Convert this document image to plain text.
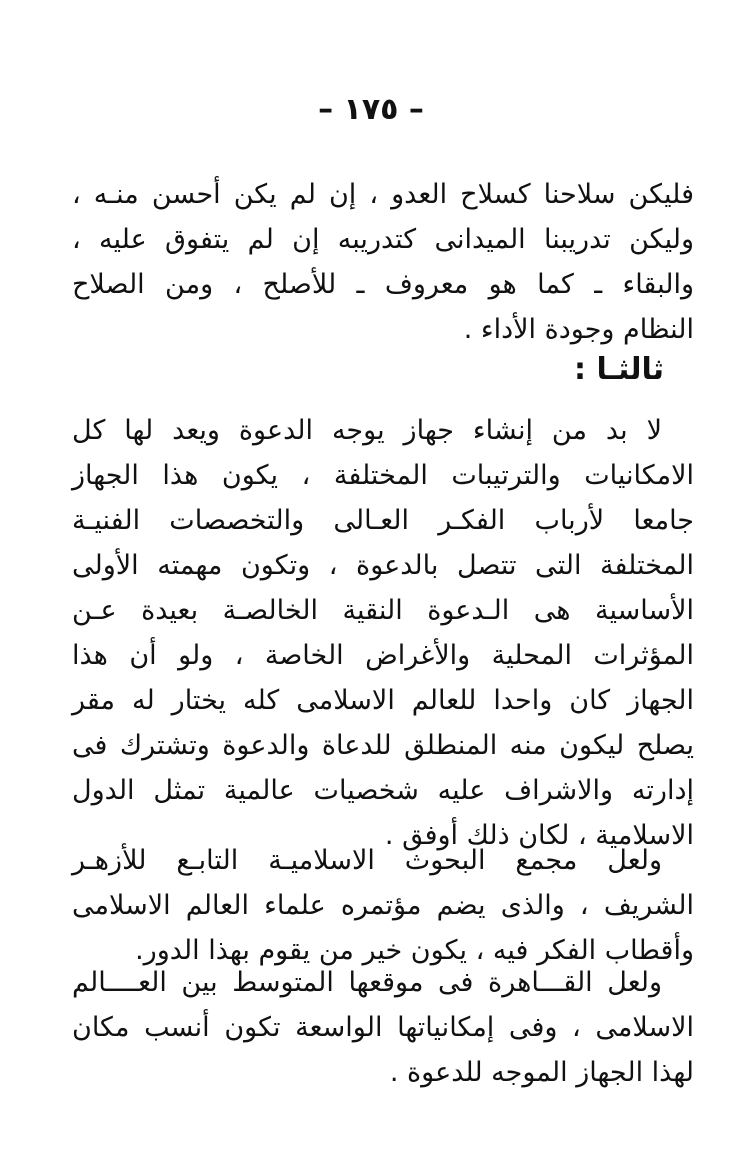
– ١٧٥ –
فليكن سلاحنا كسلاح العدو ، إن لم يكن أحسن منـه ،
وليكن تدريبنا الميدانى كتدريبه إن لم يتفوق عليه ،
والبقاء ـ كما هو معروف ـ للأصلح ، ومن الصلاح
النظام وجودة الأداء .
ثالثـا :
لا بد من إنشاء جهاز يوجه الدعوة ويعد لها كل
الامكانيات والترتيبات المختلفة ، يكون هذا الجهاز
جامعا لأرباب الفكـر العـالى والتخصصات الفنيـة
المختلفة التى تتصل بالدعوة ، وتكون مهمته الأولى
الأساسية هى الـدعوة النقية الخالصـة بعيدة عـن
المؤثرات المحلية والأغراض الخاصة ، ولو أن هذا
الجهاز كان واحدا للعالم الاسلامى كله يختار له مقر
يصلح ليكون منه المنطلق للدعاة والدعوة وتشترك فى
إدارته والاشراف عليه شخصيات عالمية تمثل الدول
الاسلامية ، لكان ذلك أوفق .
ولعل مجمع البحوث الاسلاميـة التابـع للأزهـر
الشريف ، والذى يضم مؤتمره علماء العالم الاسلامى
وأقطاب الفكر فيه ، يكون خير من يقوم بهذا الدور.
ولعل القـــاهرة فى موقعها المتوسط بين العــــالم
الاسلامى ، وفى إمكانياتها الواسعة تكون أنسب مكان
لهذا الجهاز الموجه للدعوة .
